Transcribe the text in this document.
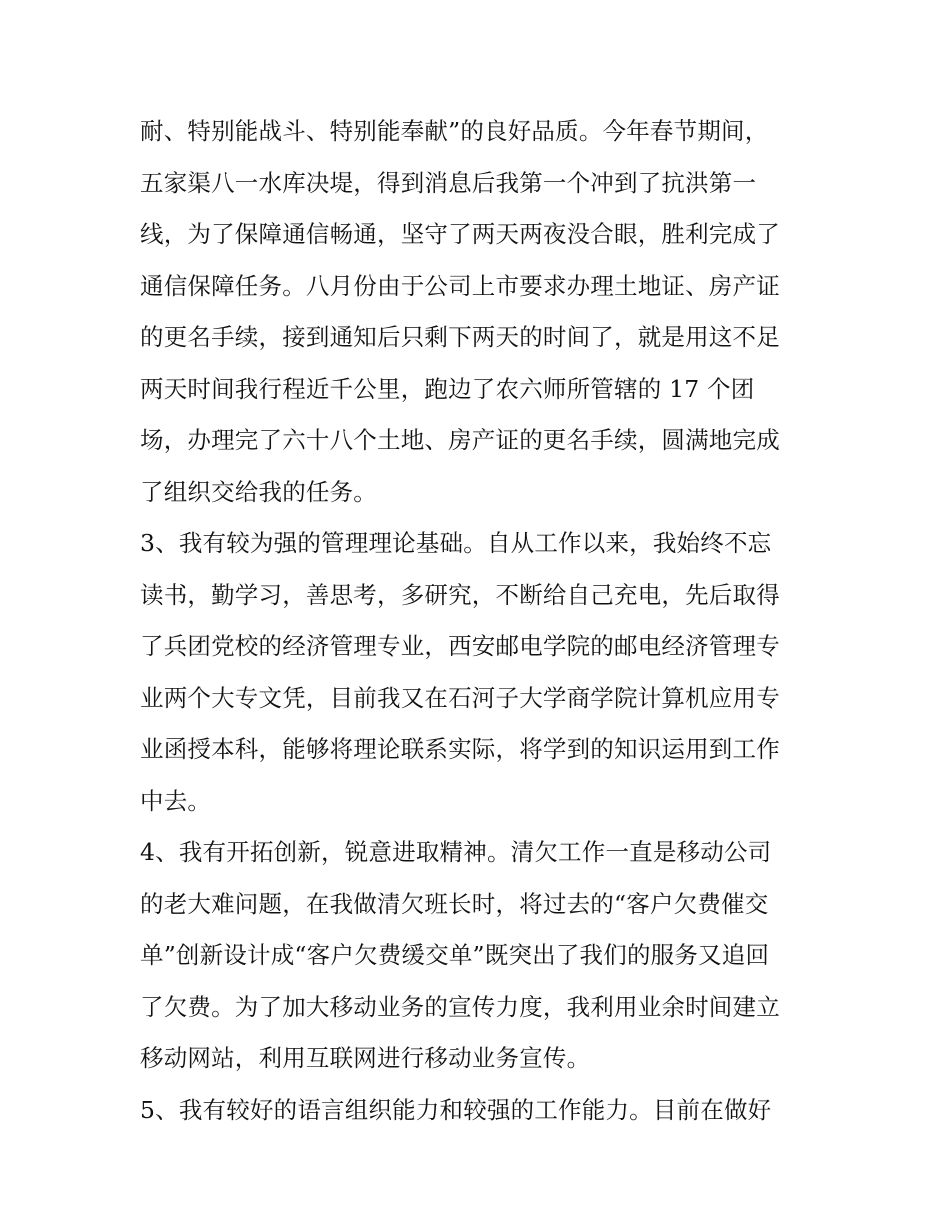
耐、特别能战斗、特别能奉献”的良好品质。今年春节期间，
五家渠八一水库决堤，得到消息后我第一个冲到了抗洪第一
线，为了保障通信畅通，坚守了两天两夜没合眼，胜利完成了
通信保障任务。八月份由于公司上市要求办理土地证、房产证
的更名手续，接到通知后只剩下两天的时间了，就是用这不足
两天时间我行程近千公里，跑边了农六师所管辖的 17 个团
场，办理完了六十八个土地、房产证的更名手续，圆满地完成
了组织交给我的任务。
3、我有较为强的管理理论基础。自从工作以来，我始终不忘
读书，勤学习，善思考，多研究，不断给自己充电，先后取得
了兵团党校的经济管理专业，西安邮电学院的邮电经济管理专
业两个大专文凭，目前我又在石河子大学商学院计算机应用专
业函授本科，能够将理论联系实际，将学到的知识运用到工作
中去。
4、我有开拓创新，锐意进取精神。清欠工作一直是移动公司
的老大难问题，在我做清欠班长时，将过去的“客户欠费催交
单”创新设计成“客户欠费缓交单”既突出了我们的服务又追回
了欠费。为了加大移动业务的宣传力度，我利用业余时间建立
移动网站，利用互联网进行移动业务宣传。
5、我有较好的语言组织能力和较强的工作能力。目前在做好
